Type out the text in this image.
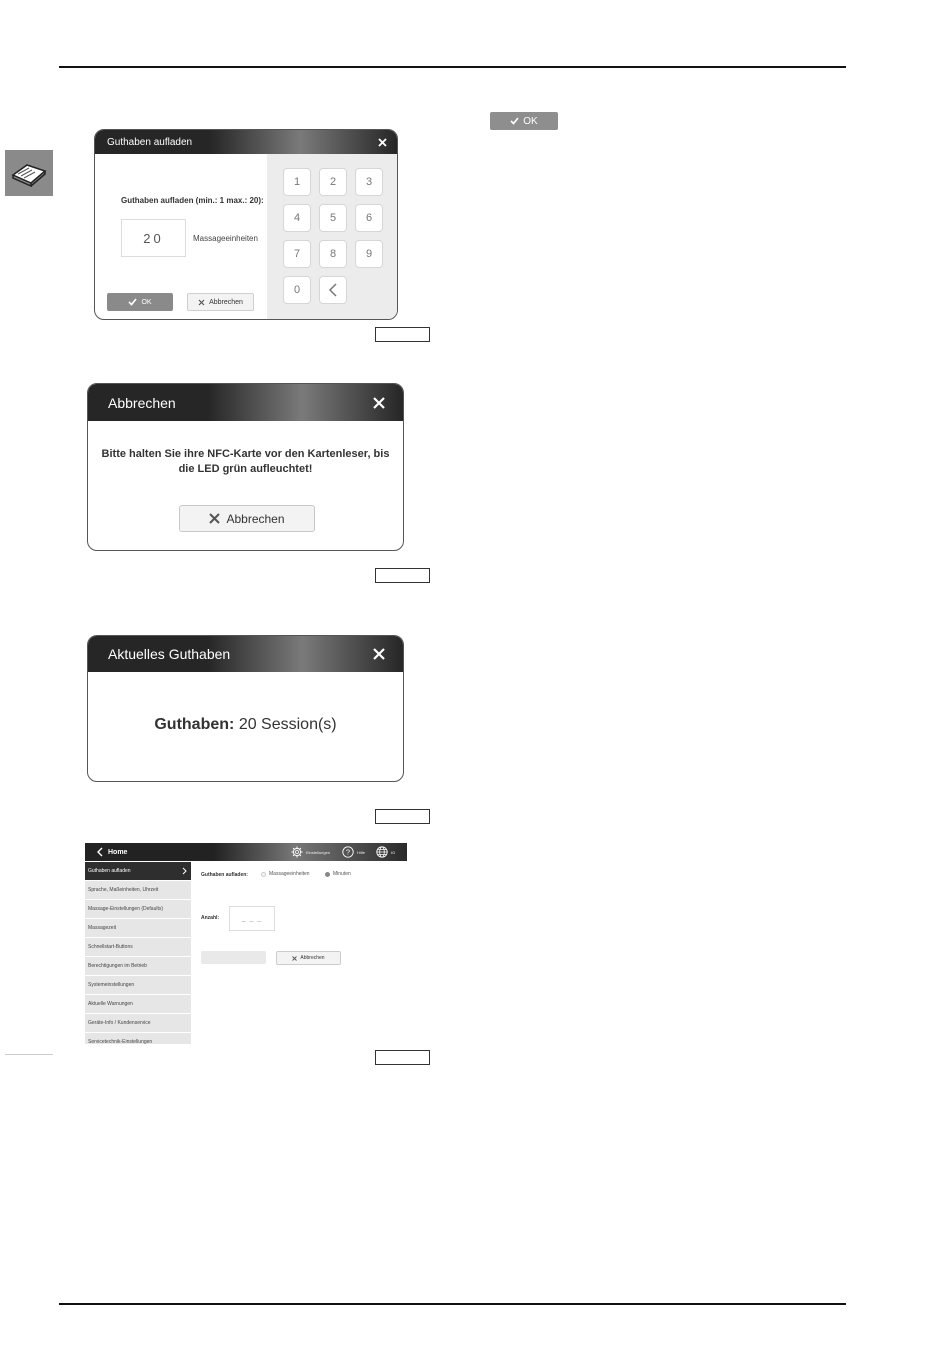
OK
Guthaben aufladen
Guthaben aufladen (min.: 1 max.: 20):
20	Massageeinheiten
OK	Abbrechen
1	2	3
4	5	6
7	8	9
0
Abbrechen
Bitte halten Sie ihre NFC-Karte vor den Kartenleser, bis
die LED grün aufleuchtet!
Abbrechen
Aktuelles Guthaben
Guthaben: 20 Session(s)
Home	Einstellungen ? Hilfe	IG
Guthaben aufladen
Sprache, Maßeinheiten, Uhrzeit
Massage-Einstellungen (Defaults)
Massagezeit
Schnellstart-Buttons
Berechtigungen im Betrieb
Systemeinstellungen
Aktuelle Warnungen
Geräte-Info / Kundenservice
Servicetechnik-Einstellungen
Guthaben aufladen:	Massageeinheiten	Minuten
Anzahl:	_ _ _
Abbrechen
